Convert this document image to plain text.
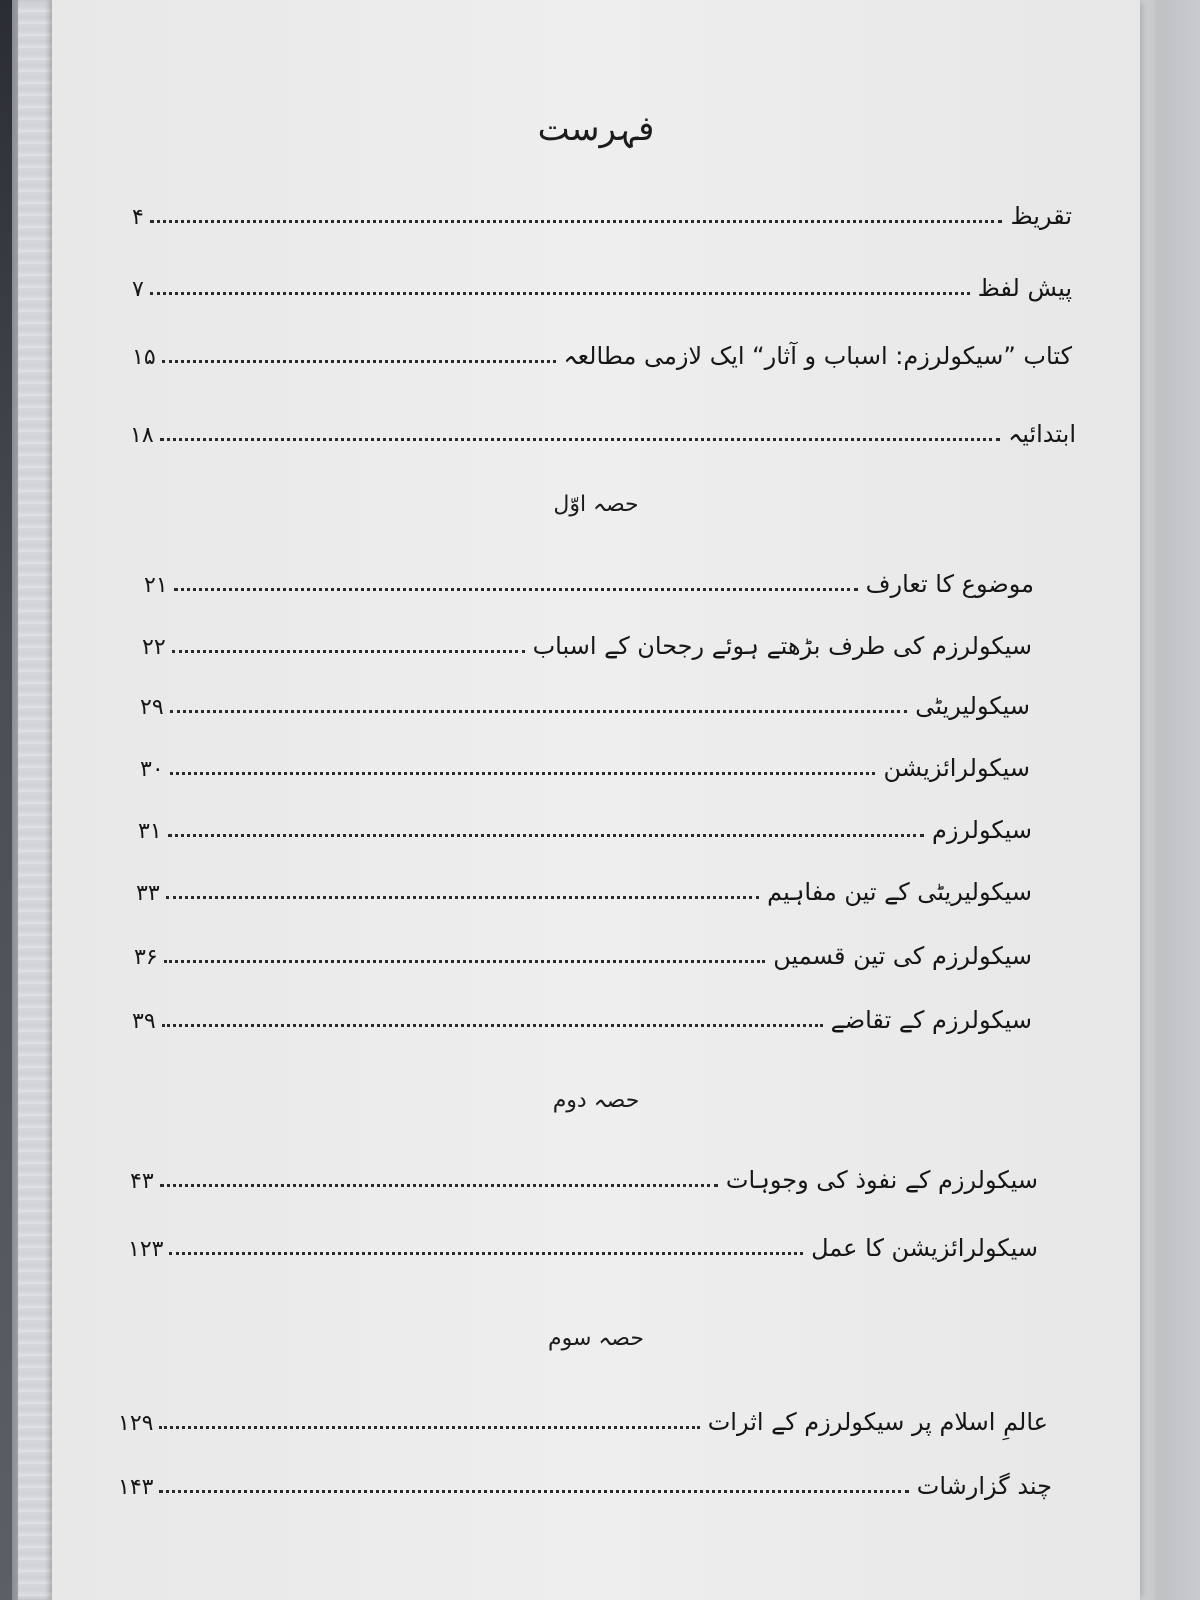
فہرست
تقریظ
۴
پیش لفظ
۷
کتاب ”سیکولرزم: اسباب و آثار“ ایک لازمی مطالعہ
۱۵
ابتدائیہ
۱۸
حصہ اوّل
موضوع کا تعارف
۲۱
سیکولرزم کی طرف بڑھتے ہوئے رجحان کے اسباب
۲۲
سیکولیریٹی
۲۹
سیکولرائزیشن
۳۰
سیکولرزم
۳۱
سیکولیریٹی کے تین مفاہیم
۳۳
سیکولرزم کی تین قسمیں
۳۶
سیکولرزم کے تقاضے
۳۹
حصہ دوم
سیکولرزم کے نفوذ کی وجوہات
۴۳
سیکولرائزیشن کا عمل
۱۲۳
حصہ سوم
عالمِ اسلام پر سیکولرزم کے اثرات
۱۲۹
چند گزارشات
۱۴۳
